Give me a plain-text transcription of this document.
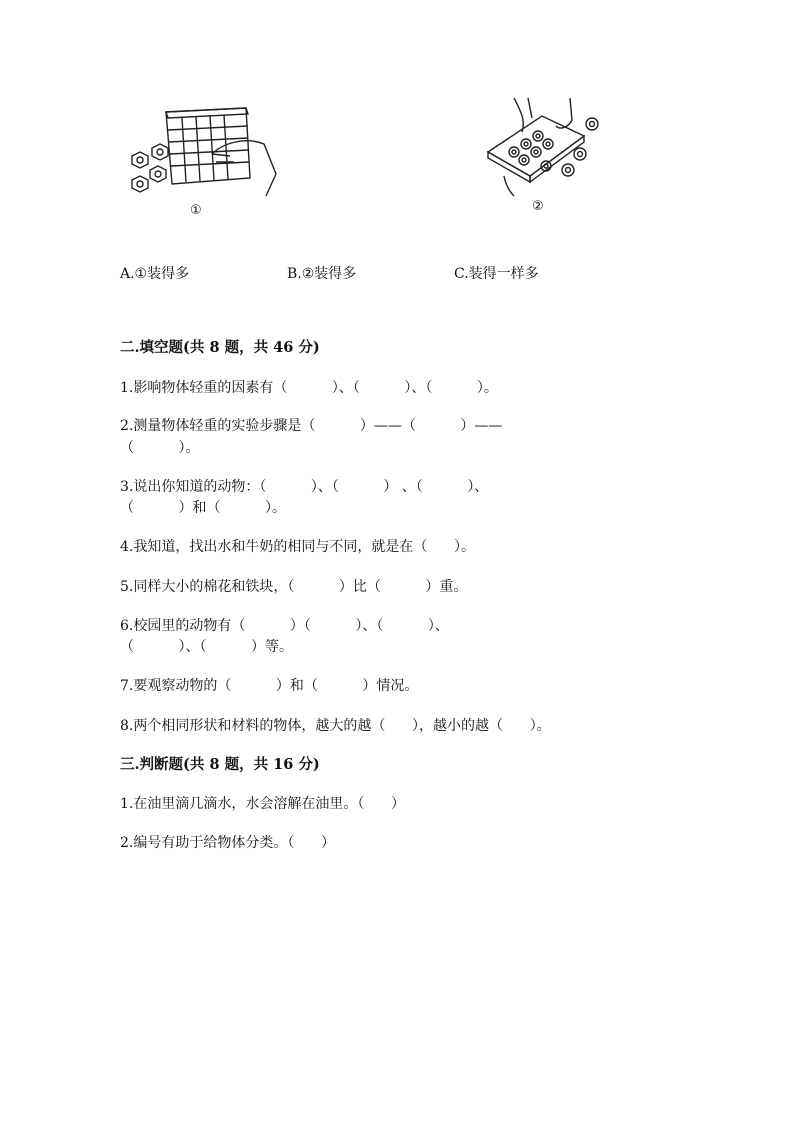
①	②
A.①装得多	B.②装得多	C.装得一样多
二.填空题(共 8 题，共 46 分)
1.影响物体轻重的因素有（          ）、（          ）、（          ）。
2.测量物体轻重的实验步骤是（          ）——（          ）——
（          ）。
3.说出你知道的动物：（          ）、（          ） 、（          ）、
（          ）和（          ）。
4.我知道，找出水和牛奶的相同与不同，就是在（      ）。
5.同样大小的棉花和铁块，（          ）比（          ）重。
6.校园里的动物有（          ）（          ）、（          ）、
（          ）、（          ）等。
7.要观察动物的（          ）和（          ）情况。
8.两个相同形状和材料的物体，越大的越（      ），越小的越（      ）。
三.判断题(共 8 题，共 16 分)
1.在油里滴几滴水，水会溶解在油里。（      ）
2.编号有助于给物体分类。（      ）
